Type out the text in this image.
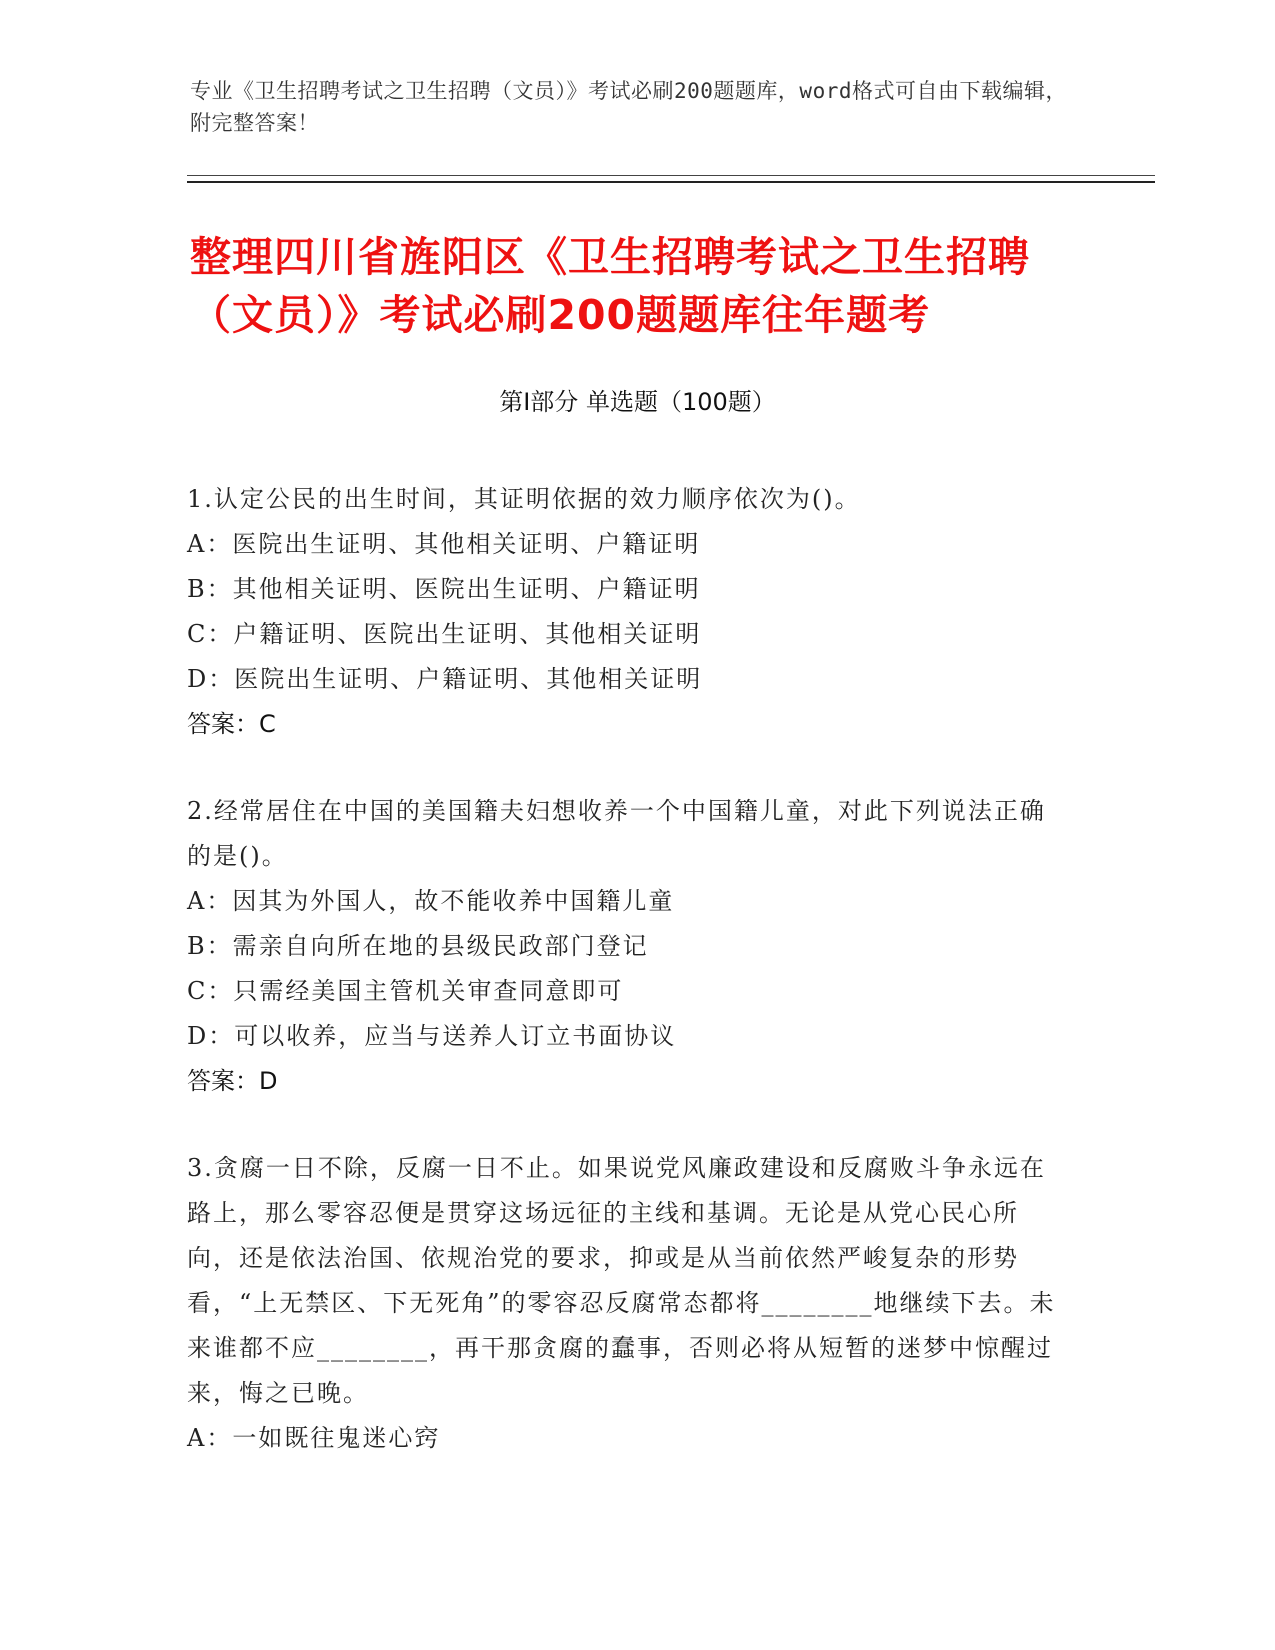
专业《卫生招聘考试之卫生招聘（文员）》考试必刷200题题库，word格式可自由下载编辑，附完整答案！
整理四川省旌阳区《卫生招聘考试之卫生招聘（文员）》考试必刷200题题库往年题考
第I部分 单选题（100题）
1.认定公民的出生时间，其证明依据的效力顺序依次为()。
A：医院出生证明、其他相关证明、户籍证明
B：其他相关证明、医院出生证明、户籍证明
C：户籍证明、医院出生证明、其他相关证明
D：医院出生证明、户籍证明、其他相关证明
答案：C
2.经常居住在中国的美国籍夫妇想收养一个中国籍儿童，对此下列说法正确的是()。
A：因其为外国人，故不能收养中国籍儿童
B：需亲自向所在地的县级民政部门登记
C：只需经美国主管机关审查同意即可
D：可以收养，应当与送养人订立书面协议
答案：D
3.贪腐一日不除，反腐一日不止。如果说党风廉政建设和反腐败斗争永远在路上，那么零容忍便是贯穿这场远征的主线和基调。无论是从党心民心所向，还是依法治国、依规治党的要求，抑或是从当前依然严峻复杂的形势看，“上无禁区、下无死角”的零容忍反腐常态都将________地继续下去。未来谁都不应________，再干那贪腐的蠢事，否则必将从短暂的迷梦中惊醒过来，悔之已晚。
A：一如既往鬼迷心窍
